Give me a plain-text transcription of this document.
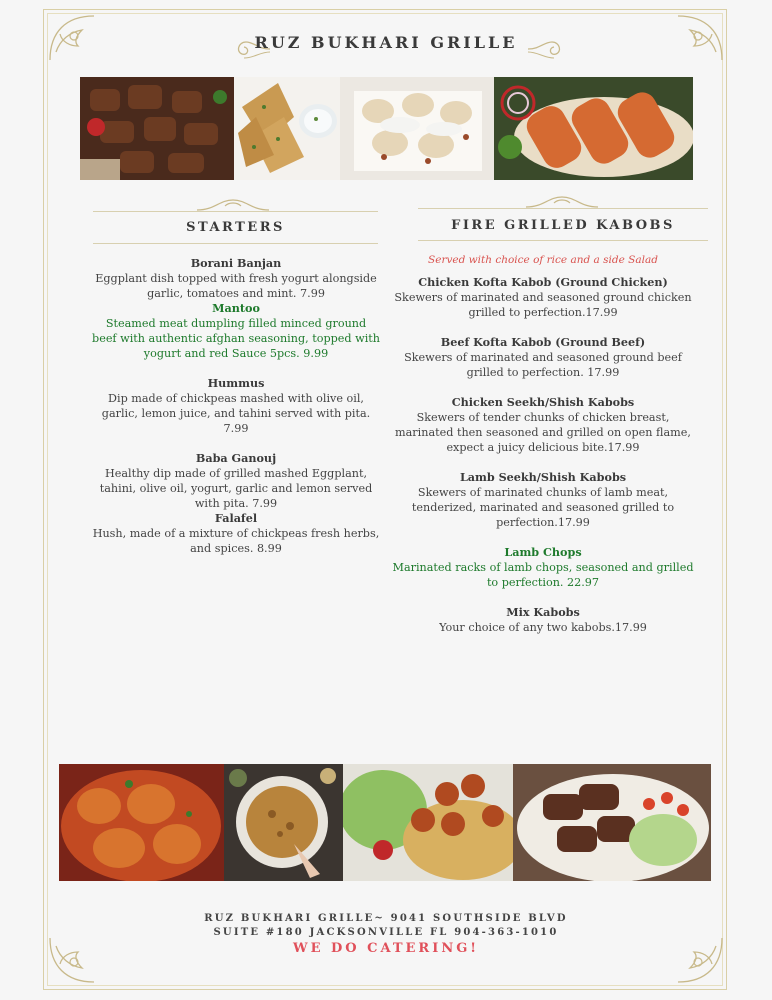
RUZ BUKHARI GRILLE
STARTERS
Borani Banjan
Eggplant dish topped with fresh yogurt alongside garlic, tomatoes and mint. 7.99
Mantoo
Steamed meat dumpling filled minced ground beef with authentic afghan seasoning, topped with yogurt and red Sauce 5pcs. 9.99
Hummus
Dip made of chickpeas mashed with olive oil, garlic, lemon juice, and tahini served with pita. 7.99
Baba Ganouj
Healthy dip made of grilled mashed Eggplant, tahini, olive oil, yogurt, garlic and lemon served with pita. 7.99
Falafel
Hush, made of a mixture of chickpeas fresh herbs, and spices. 8.99
FIRE GRILLED KABOBS
Served with choice of rice and a side Salad
Chicken Kofta Kabob (Ground Chicken)
Skewers of marinated and seasoned ground chicken grilled to perfection.17.99
Beef Kofta Kabob (Ground Beef)
Skewers of marinated and seasoned ground beef grilled to perfection. 17.99
Chicken Seekh/Shish Kabobs
Skewers of tender chunks of chicken breast, marinated then seasoned and grilled on open flame, expect a juicy delicious bite.17.99
Lamb Seekh/Shish Kabobs
Skewers of marinated chunks of lamb meat, tenderized, marinated and seasoned grilled to perfection.17.99
Lamb Chops
Marinated racks of lamb chops, seasoned and grilled to perfection. 22.97
Mix Kabobs
Your choice of any two kabobs.17.99
RUZ BUKHARI GRILLE~ 9041 SOUTHSIDE BLVD
SUITE #180 JACKSONVILLE FL 904-363-1010
WE DO CATERING!
